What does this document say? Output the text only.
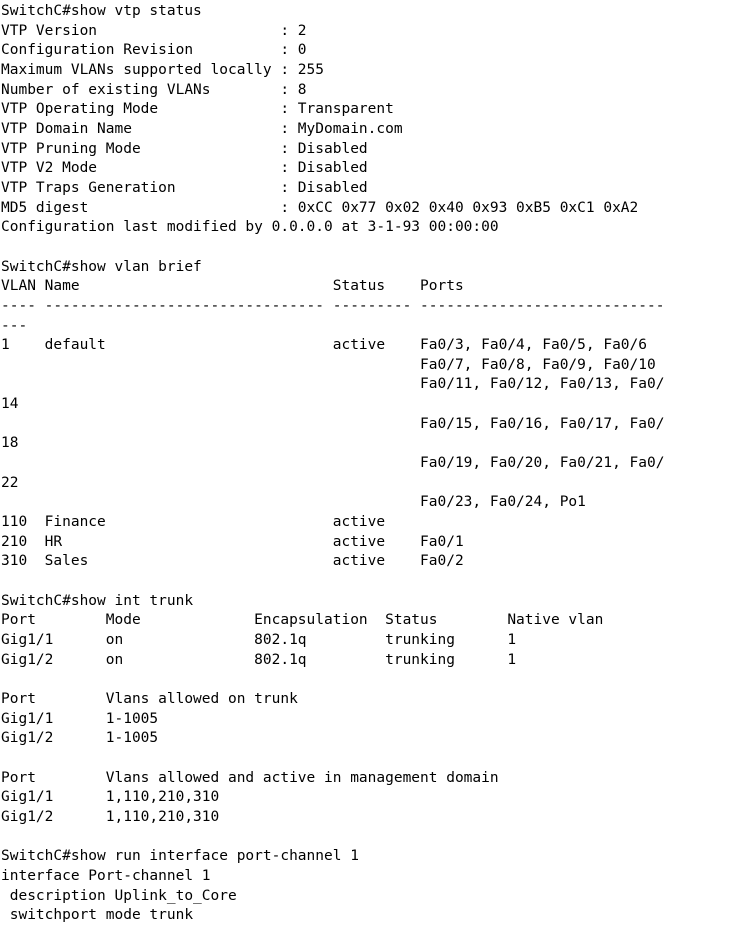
SwitchC#show vtp status
VTP Version                     : 2
Configuration Revision          : 0
Maximum VLANs supported locally : 255
Number of existing VLANs        : 8
VTP Operating Mode              : Transparent
VTP Domain Name                 : MyDomain.com
VTP Pruning Mode                : Disabled
VTP V2 Mode                     : Disabled
VTP Traps Generation            : Disabled
MD5 digest                      : 0xCC 0x77 0x02 0x40 0x93 0xB5 0xC1 0xA2
Configuration last modified by 0.0.0.0 at 3-1-93 00:00:00

SwitchC#show vlan brief
VLAN Name                             Status    Ports
---- -------------------------------- --------- ----------------------------
---
1    default                          active    Fa0/3, Fa0/4, Fa0/5, Fa0/6
Fa0/7, Fa0/8, Fa0/9, Fa0/10
Fa0/11, Fa0/12, Fa0/13, Fa0/
14
Fa0/15, Fa0/16, Fa0/17, Fa0/
18
Fa0/19, Fa0/20, Fa0/21, Fa0/
22
Fa0/23, Fa0/24, Po1
110  Finance                          active
210  HR                               active    Fa0/1
310  Sales                            active    Fa0/2

SwitchC#show int trunk
Port        Mode             Encapsulation  Status        Native vlan
Gig1/1      on               802.1q         trunking      1
Gig1/2      on               802.1q         trunking      1

Port        Vlans allowed on trunk
Gig1/1      1-1005
Gig1/2      1-1005

Port        Vlans allowed and active in management domain
Gig1/1      1,110,210,310
Gig1/2      1,110,210,310

SwitchC#show run interface port-channel 1
interface Port-channel 1
description Uplink_to_Core
switchport mode trunk
